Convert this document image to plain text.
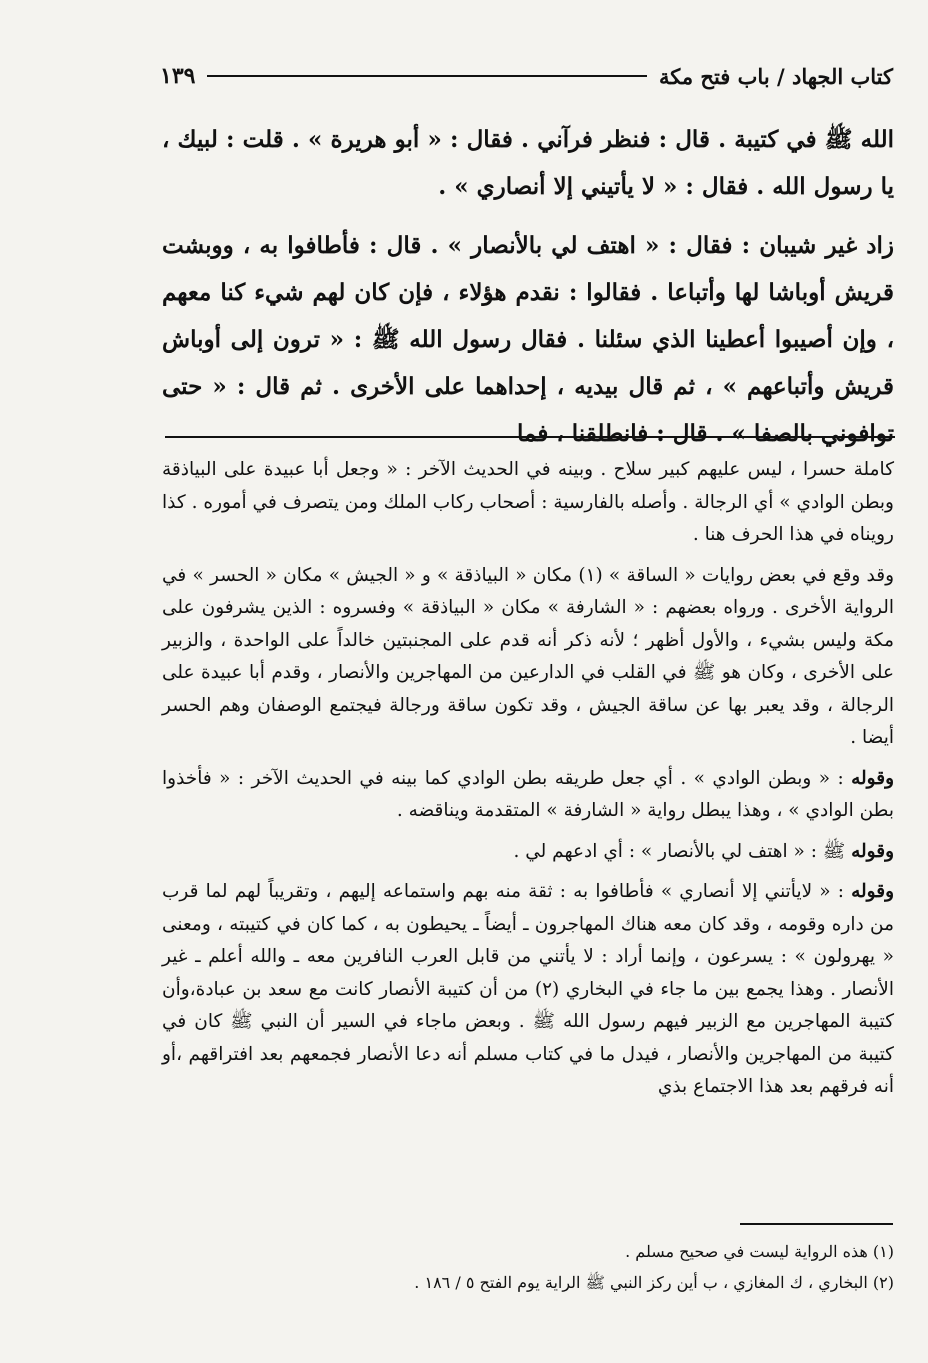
كتاب الجهاد / باب فتح مكة
١٣٩

الله ﷺ في كتيبة . قال : فنظر فرآني . فقال : « أبو هريرة » . قلت : لبيك ، يا رسول الله . فقال : « لا يأتيني إلا أنصاري » .

زاد غير شيبان : فقال : « اهتف لي بالأنصار » . قال : فأطافوا به ، ووبشت قريش أوباشا لها وأتباعا . فقالوا : نقدم هؤلاء ، فإن كان لهم شيء كنا معهم ، وإن أصيبوا أعطينا الذي سئلنا . فقال رسول الله ﷺ : « ترون إلى أوباش قريش وأتباعهم » ، ثم قال بيديه ، إحداهما على الأخرى . ثم قال : « حتى توافوني بالصفا » . قال : فانطلقنا ، فما

كاملة حسرا ، ليس عليهم كبير سلاح . وبينه في الحديث الآخر : « وجعل أبا عبيدة على البياذقة وبطن الوادي » أي الرجالة . وأصله بالفارسية : أصحاب ركاب الملك ومن يتصرف في أموره . كذا رويناه في هذا الحرف هنا .

وقد وقع في بعض روايات « الساقة » (١) مكان « البياذقة » و « الجيش » مكان « الحسر » في الرواية الأخرى . ورواه بعضهم : « الشارفة » مكان « البياذقة » وفسروه : الذين يشرفون على مكة وليس بشيء ، والأول أظهر ؛ لأنه ذكر أنه قدم على المجنبتين خالداً على الواحدة ، والزبير على الأخرى ، وكان هو ﷺ في القلب في الدارعين من المهاجرين والأنصار ، وقدم أبا عبيدة على الرجالة ، وقد يعبر بها عن ساقة الجيش ، وقد تكون ساقة ورجالة فيجتمع الوصفان وهم الحسر أيضا .

وقوله : « وبطن الوادي » . أي جعل طريقه بطن الوادي كما بينه في الحديث الآخر : « فأخذوا بطن الوادي » ، وهذا يبطل رواية « الشارفة » المتقدمة ويناقضه .

وقوله ﷺ : « اهتف لي بالأنصار » : أي ادعهم لي .

وقوله : « لايأتني إلا أنصاري » فأطافوا به : ثقة منه بهم واستماعه إليهم ، وتقريباً لهم لما قرب من داره وقومه ، وقد كان معه هناك المهاجرون ـ أيضاً ـ يحيطون به ، كما كان في كتيبته ، ومعنى « يهرولون » : يسرعون ، وإنما أراد : لا يأتني من قابل العرب النافرين معه ـ والله أعلم ـ غير الأنصار . وهذا يجمع بين ما جاء في البخاري (٢) من أن كتيبة الأنصار كانت مع سعد بن عبادة،وأن كتيبة المهاجرين مع الزبير فيهم رسول الله ﷺ . وبعض ماجاء في السير أن النبي ﷺ كان في كتيبة من المهاجرين والأنصار ، فيدل ما في كتاب مسلم أنه دعا الأنصار فجمعهم بعد افتراقهم ،أو أنه فرقهم بعد هذا الاجتماع بذي

(١) هذه الرواية ليست في صحيح مسلم .

(٢) البخاري ، ك المغازي ، ب أين ركز النبي ﷺ الراية يوم الفتح ٥ / ١٨٦ .
